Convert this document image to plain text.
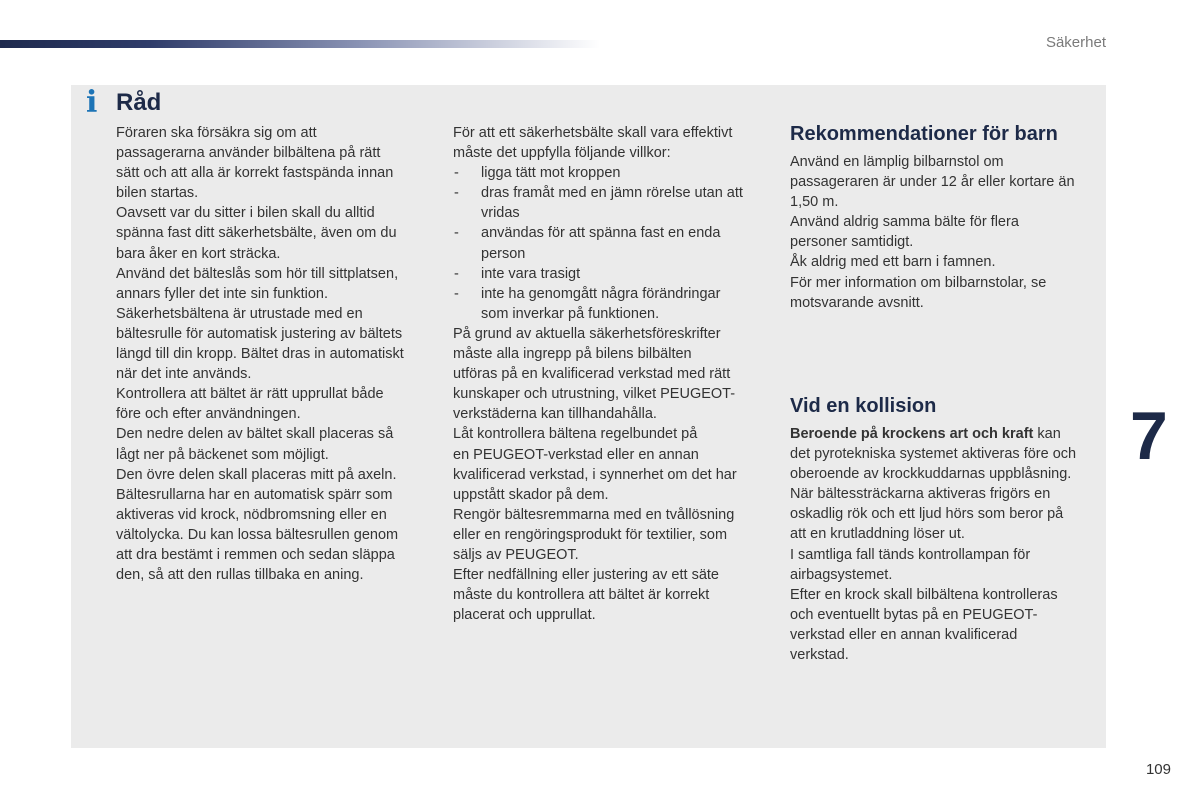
Säkerhet
i Råd
Föraren ska försäkra sig om att
passagerarna använder bilbältena på rätt
sätt och att alla är korrekt fastspända innan
bilen startas.
Oavsett var du sitter i bilen skall du alltid
spänna fast ditt säkerhetsbälte, även om du
bara åker en kort sträcka.
Använd det bälteslås som hör till sittplatsen,
annars fyller det inte sin funktion.
Säkerhetsbältena är utrustade med en
bältesrulle för automatisk justering av bältets
längd till din kropp. Bältet dras in automatiskt
när det inte används.
Kontrollera att bältet är rätt upprullat både
före och efter användningen.
Den nedre delen av bältet skall placeras så
lågt ner på bäckenet som möjligt.
Den övre delen skall placeras mitt på axeln.
Bältesrullarna har en automatisk spärr som
aktiveras vid krock, nödbromsning eller en
vältolycka. Du kan lossa bältesrullen genom
att dra bestämt i remmen och sedan släppa
den, så att den rullas tillbaka en aning.
För att ett säkerhetsbälte skall vara effektivt
måste det uppfylla följande villkor:
- ligga tätt mot kroppen
- dras framåt med en jämn rörelse utan att
vridas
- användas för att spänna fast en enda
person
- inte vara trasigt
- inte ha genomgått några förändringar
som inverkar på funktionen.
På grund av aktuella säkerhetsföreskrifter
måste alla ingrepp på bilens bilbälten
utföras på en kvalificerad verkstad med rätt
kunskaper och utrustning, vilket PEUGEOT-
verkstäderna kan tillhandahålla.
Låt kontrollera bältena regelbundet på
en PEUGEOT-verkstad eller en annan
kvalificerad verkstad, i synnerhet om det har
uppstått skador på dem.
Rengör bältesremmarna med en tvållösning
eller en rengöringsprodukt för textilier, som
säljs av PEUGEOT.
Efter nedfällning eller justering av ett säte
måste du kontrollera att bältet är korrekt
placerat och upprullat.
Rekommendationer för barn
Använd en lämplig bilbarnstol om
passageraren är under 12 år eller kortare än
1,50 m.
Använd aldrig samma bälte för flera
personer samtidigt.
Åk aldrig med ett barn i famnen.
För mer information om bilbarnstolar, se
motsvarande avsnitt.
Vid en kollision
Beroende på krockens art och kraft kan
det pyrotekniska systemet aktiveras före och
oberoende av krockkuddarnas uppblåsning.
När bältessträckarna aktiveras frigörs en
oskadlig rök och ett ljud hörs som beror på
att en krutladdning löser ut.
I samtliga fall tänds kontrollampan för
airbagsystemet.
Efter en krock skall bilbältena kontrolleras
och eventuellt bytas på en PEUGEOT-
verkstad eller en annan kvalificerad
verkstad.
7
109
